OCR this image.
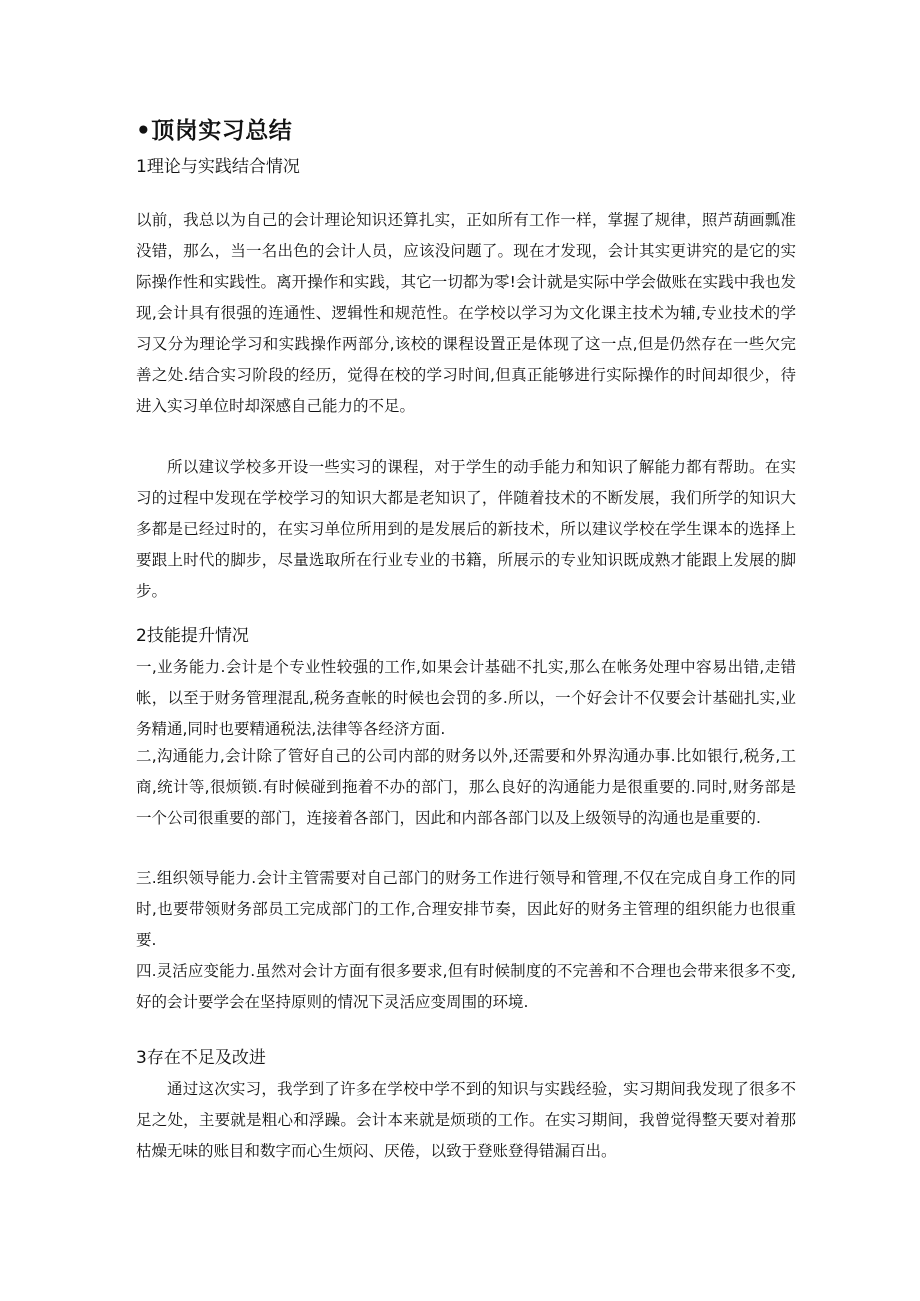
•顶岗实习总结
1理论与实践结合情况
以前，我总以为自己的会计理论知识还算扎实，正如所有工作一样，掌握了规律，照芦葫画瓢准没错，那么，当一名出色的会计人员，应该没问题了。现在才发现，会计其实更讲究的是它的实际操作性和实践性。离开操作和实践，其它一切都为零!会计就是实际中学会做账在实践中我也发现,会计具有很强的连通性、逻辑性和规范性。在学校以学习为文化课主技术为辅,专业技术的学习又分为理论学习和实践操作两部分,该校的课程设置正是体现了这一点,但是仍然存在一些欠完善之处.结合实习阶段的经历，觉得在校的学习时间,但真正能够进行实际操作的时间却很少，待进入实习单位时却深感自己能力的不足。
所以建议学校多开设一些实习的课程，对于学生的动手能力和知识了解能力都有帮助。在实习的过程中发现在学校学习的知识大都是老知识了，伴随着技术的不断发展，我们所学的知识大多都是已经过时的，在实习单位所用到的是发展后的新技术，所以建议学校在学生课本的选择上要跟上时代的脚步，尽量选取所在行业专业的书籍，所展示的专业知识既成熟才能跟上发展的脚步。
2技能提升情况
一,业务能力.会计是个专业性较强的工作,如果会计基础不扎实,那么在帐务处理中容易出错,走错帐，以至于财务管理混乱,税务查帐的时候也会罚的多.所以，一个好会计不仅要会计基础扎实,业务精通,同时也要精通税法,法律等各经济方面.
二,沟通能力,会计除了管好自己的公司内部的财务以外,还需要和外界沟通办事.比如银行,税务,工商,统计等,很烦锁.有时候碰到拖着不办的部门，那么良好的沟通能力是很重要的.同时,财务部是一个公司很重要的部门，连接着各部门，因此和内部各部门以及上级领导的沟通也是重要的.
三.组织领导能力.会计主管需要对自己部门的财务工作进行领导和管理,不仅在完成自身工作的同时,也要带领财务部员工完成部门的工作,合理安排节奏，因此好的财务主管理的组织能力也很重要.
四.灵活应变能力.虽然对会计方面有很多要求,但有时候制度的不完善和不合理也会带来很多不变,好的会计要学会在坚持原则的情况下灵活应变周围的环境.
3存在不足及改进
通过这次实习，我学到了许多在学校中学不到的知识与实践经验，实习期间我发现了很多不足之处，主要就是粗心和浮躁。会计本来就是烦琐的工作。在实习期间，我曾觉得整天要对着那枯燥无味的账目和数字而心生烦闷、厌倦，以致于登账登得错漏百出。
